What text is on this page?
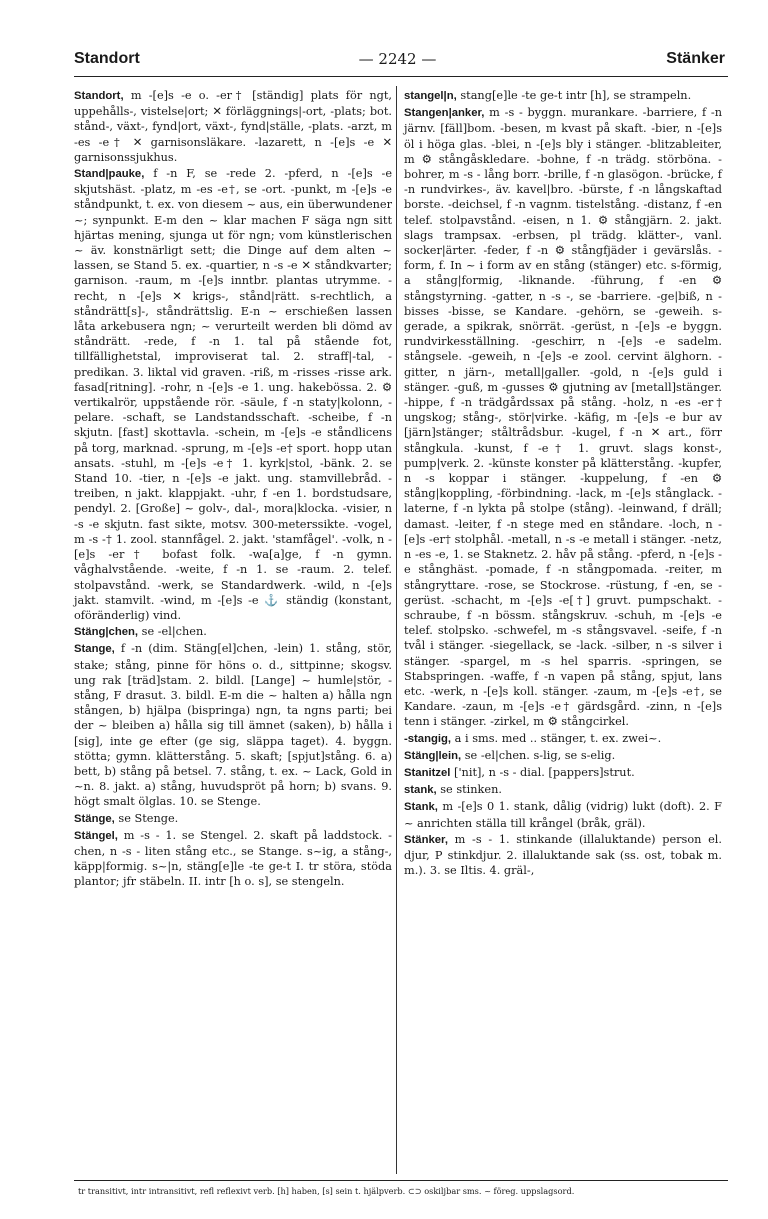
Standort	— 2242 —	Stänker

Standort, m -[e]s -e o. -er† [ständig] plats för ngt, uppehålls-, vistelse|ort; ✕ förläggnings|-ort, -plats; bot. stånd-, växt-, fynd|ort, växt-, fynd|ställe, -plats. -arzt, m -es -e† ✕ garnisonsläkare. -lazarett, n -[e]s -e ✕ garnisonssjukhus.

Stand|pauke, f -n F, se -rede 2. -pferd, n -[e]s -e skjutshäst. -platz, m -es -e†, se -ort. -punkt, m -[e]s -e ståndpunkt, t. ex. von diesem ~ aus, ein überwundener ~; synpunkt. E-m den ~ klar machen F säga ngn sitt hjärtas mening, sjunga ut för ngn; vom künstlerischen ~ äv. konstnärligt sett; die Dinge auf dem alten ~ lassen, se Stand 5. ex. -quartier, n -s -e ✕ ståndkvarter; garnison. -raum, m -[e]s inntbr. plantas utrymme. -recht, n -[e]s ✕ krigs-, stånd|rätt. s-rechtlich, a ståndrätt[s]-, ståndrättslig. E-n ~ erschießen lassen låta arkebusera ngn; ~ verurteilt werden bli dömd av ståndrätt. -rede, f -n 1. tal på stående fot, tillfällighetstal, improviserat tal. 2. straff|-tal, -predikan. 3. liktal vid graven. -riß, m -risses -risse ark. fasad[ritning]. -rohr, n -[e]s -e 1. ung. hakebössa. 2. ⚙ vertikalrör, uppstående rör. -säule, f -n staty|kolonn, -pelare. -schaft, se Landstandsschaft. -scheibe, f -n skjutn. [fast] skottavla. -schein, m -[e]s -e ståndlicens på torg, marknad. -sprung, m -[e]s -e† sport. hopp utan ansats. -stuhl, m -[e]s -e† 1. kyrk|stol, -bänk. 2. se Stand 10. -tier, n -[e]s -e jakt. ung. stamvillebråd. -treiben, n jakt. klappjakt. -uhr, f -en 1. bordstudsare, pendyl. 2. [Große] ~ golv-, dal-, mora|klocka. -visier, n -s -e skjutn. fast sikte, motsv. 300-meterssikte. -vogel, m -s -† 1. zool. stannfågel. 2. jakt. 'stamfågel'. -volk, n -[e]s -er† bofast folk. -wa[a]ge, f -n gymn. våghalvstående. -weite, f -n 1. se -raum. 2. telef. stolpavstånd. -werk, se Standardwerk. -wild, n -[e]s jakt. stamvilt. -wind, m -[e]s -e ⚓ ständig (konstant, oföränderlig) vind.

Stäng|chen, se -el|chen.

Stange, f -n (dim. Stäng[el]chen, -lein) 1. stång, stör, stake; stång, pinne för höns o. d., sittpinne; skogsv. ung rak [träd]stam. 2. bildl. [Lange] ~ humle|stör, -stång, F drasut. 3. bildl. E-m die ~ halten a) hålla ngn stången, b) hjälpa (bispringa) ngn, ta ngns parti; bei der ~ bleiben a) hålla sig till ämnet (saken), b) hålla i [sig], inte ge efter (ge sig, släppa taget). 4. byggn. stötta; gymn. klätterstång. 5. skaft; [spjut]stång. 6. a) bett, b) stång på betsel. 7. stång, t. ex. ~ Lack, Gold in ~n. 8. jakt. a) stång, huvudspröt på horn; b) svans. 9. högt smalt ölglas. 10. se Stenge.

Stänge, se Stenge.

Stängel, m -s - 1. se Stengel. 2. skaft på laddstock. -chen, n -s - liten stång etc., se Stange. s~ig, a stång-, käpp|formig. s~|n, stäng[e]le -te ge-t I. tr störa, stöda plantor; jfr stäbeln. II. intr [h o. s], se stengeln.

stangel|n, stang[e]le -te ge-t intr [h], se strampeln.

Stangen|anker, m -s - byggn. murankare. -barriere, f -n järnv. [fäll]bom. -besen, m kvast på skaft. -bier, n -[e]s öl i höga glas. -blei, n -[e]s bly i stänger. -blitzableiter, m ⚙ stångåskledare. -bohne, f -n trädg. störböna. -bohrer, m -s - lång borr. -brille, f -n glasögon. -brücke, f -n rundvirkes-, äv. kavel|bro. -bürste, f -n långskaftad borste. -deichsel, f -n vagnm. tistelstång. -distanz, f -en telef. stolpavstånd. -eisen, n 1. ⚙ stångjärn. 2. jakt. slags trampsax. -erbsen, pl trädg. klätter-, vanl. socker|ärter. -feder, f -n ⚙ stångfjäder i gevärslås. -form, f. In ~ i form av en stång (stänger) etc. s-förmig, a stång|formig, -liknande. -führung, f -en ⚙ stångstyrning. -gatter, n -s -, se -barriere. -ge|biß, n -bisses -bisse, se Kandare. -gehörn, se -geweih. s-gerade, a spikrak, snörrät. -gerüst, n -[e]s -e byggn. rundvirkesställning. -geschirr, n -[e]s -e sadelm. stångsele. -geweih, n -[e]s -e zool. cervint älghorn. -gitter, n järn-, metall|galler. -gold, n -[e]s guld i stänger. -guß, m -gusses ⚙ gjutning av [metall]stänger. -hippe, f -n trädgårdssax på stång. -holz, n -es -er† ungskog; stång-, stör|virke. -käfig, m -[e]s -e bur av [järn]stänger; ståltrådsbur. -kugel, f -n ✕ art., förr stångkula. -kunst, f -e† 1. gruvt. slags konst-, pump|verk. 2. -künste konster på klätterstång. -kupfer, n -s koppar i stänger. -kuppelung, f -en ⚙ stång|koppling, -förbindning. -lack, m -[e]s stånglack. -laterne, f -n lykta på stolpe (stång). -leinwand, f dräll; damast. -leiter, f -n stege med en ståndare. -loch, n -[e]s -er† stolphål. -metall, n -s -e metall i stänger. -netz, n -es -e, 1. se Staknetz. 2. håv på stång. -pferd, n -[e]s -e stånghäst. -pomade, f -n stångpomada. -reiter, m stångryttare. -rose, se Stockrose. -rüstung, f -en, se -gerüst. -schacht, m -[e]s -e[†] gruvt. pumpschakt. -schraube, f -n bössm. stångskruv. -schuh, m -[e]s -e telef. stolpsko. -schwefel, m -s stångsvavel. -seife, f -n tvål i stänger. -siegellack, se -lack. -silber, n -s silver i stänger. -spargel, m -s hel sparris. -springen, se Stabspringen. -waffe, f -n vapen på stång, spjut, lans etc. -werk, n -[e]s koll. stänger. -zaum, m -[e]s -e†, se Kandare. -zaun, m -[e]s -e† gärdsgård. -zinn, n -[e]s tenn i stänger. -zirkel, m ⚙ stångcirkel.

-stangig, a i sms. med .. stänger, t. ex. zwei~.

Stäng|lein, se -el|chen. s-lig, se s-elig.

Stanitzel ['nit], n -s - dial. [pappers]strut.

stank, se stinken.

Stank, m -[e]s 0 1. stank, dålig (vidrig) lukt (doft). 2. F ~ anrichten ställa till krångel (bråk, gräl).

Stänker, m -s - 1. stinkande (illaluktande) person el. djur, P stinkdjur. 2. illaluktande sak (ss. ost, tobak m. m.). 3. se Iltis. 4. gräl-,

tr transitivt, intr intransitivt, refl reflexivt verb. [h] haben, [s] sein t. hjälpverb. ⊂⊃ oskiljbar sms. ~ föreg. uppslagsord.
